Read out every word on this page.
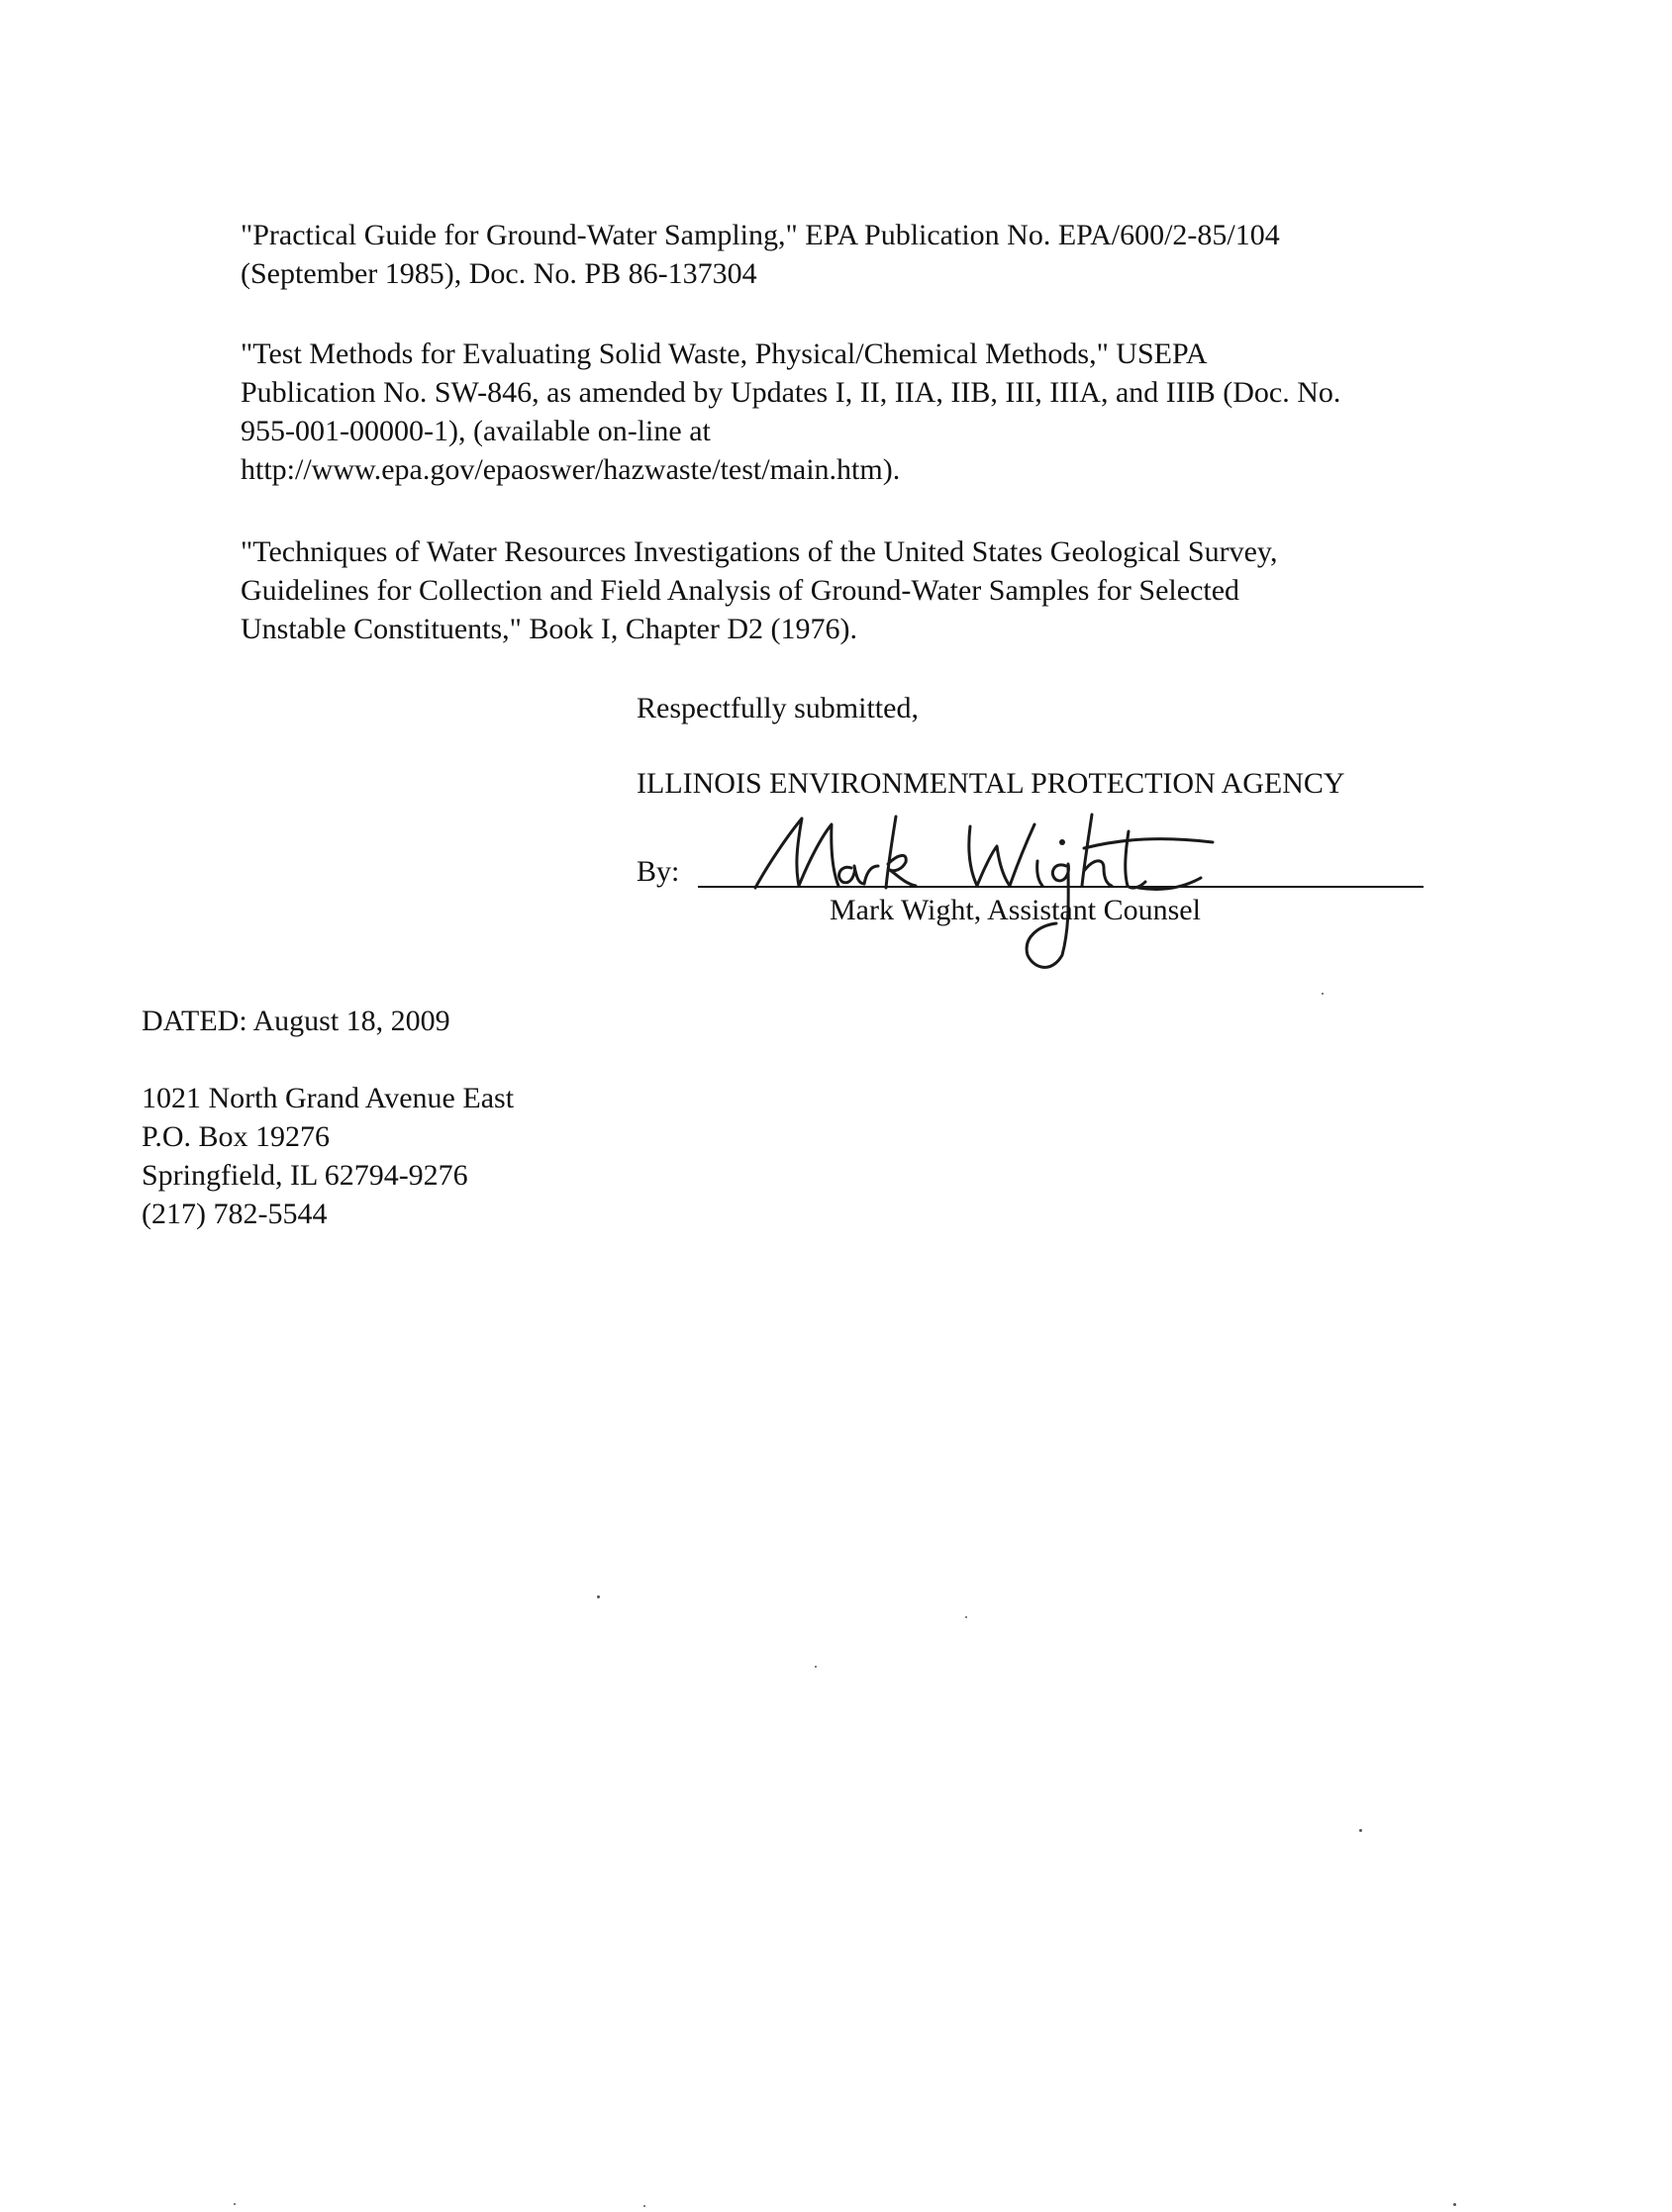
"Practical Guide for Ground-Water Sampling," EPA Publication No. EPA/600/2-85/104
(September 1985), Doc. No. PB 86-137304
"Test Methods for Evaluating Solid Waste, Physical/Chemical Methods," USEPA
Publication No. SW-846, as amended by Updates I, II, IIA, IIB, III, IIIA, and IIIB (Doc. No.
955-001-00000-1), (available on-line at
http://www.epa.gov/epaoswer/hazwaste/test/main.htm).
"Techniques of Water Resources Investigations of the United States Geological Survey,
Guidelines for Collection and Field Analysis of Ground-Water Samples for Selected
Unstable Constituents," Book I, Chapter D2 (1976).
Respectfully submitted,
ILLINOIS ENVIRONMENTAL PROTECTION AGENCY
By:
Mark Wight, Assistant Counsel
DATED: August 18, 2009
1021 North Grand Avenue East
P.O. Box 19276
Springfield, IL 62794-9276
(217) 782-5544
